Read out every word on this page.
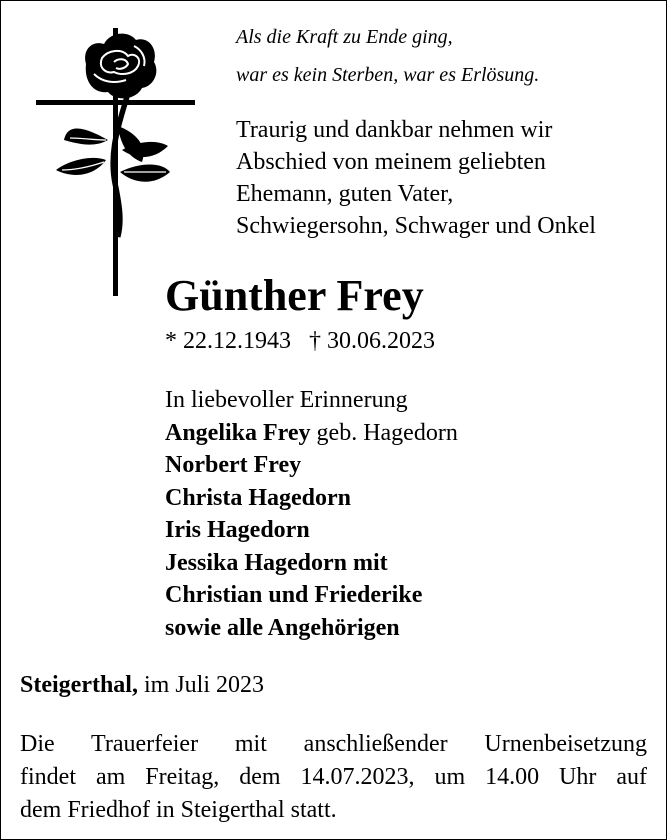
Als die Kraft zu Ende ging,
war es kein Sterben, war es Erlösung.
Traurig und dankbar nehmen wir
Abschied von meinem geliebten
Ehemann, guten Vater,
Schwiegersohn, Schwager und Onkel
Günther Frey
* 22.12.1943   † 30.06.2023
In liebevoller Erinnerung
Angelika Frey geb. Hagedorn
Norbert Frey
Christa Hagedorn
Iris Hagedorn
Jessika Hagedorn mit
Christian und Friederike
sowie alle Angehörigen
Steigerthal, im Juli 2023
Die Trauerfeier mit anschließender Urnenbeisetzung
findet am Freitag, dem 14.07.2023, um 14.00 Uhr auf
dem Friedhof in Steigerthal statt.
